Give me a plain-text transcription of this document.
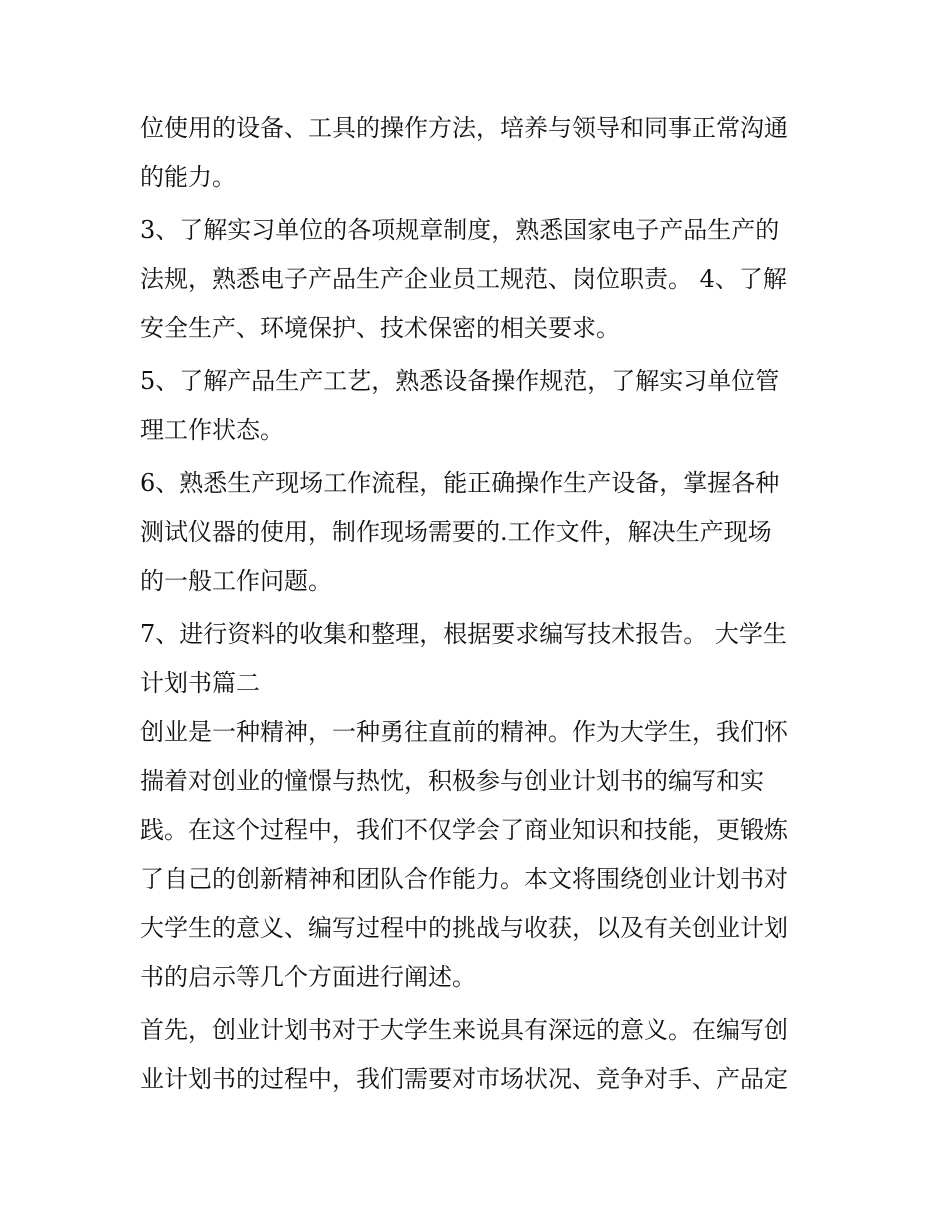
位使用的设备、工具的操作方法，培养与领导和同事正常沟通
的能力。
3、了解实习单位的各项规章制度，熟悉国家电子产品生产的
法规，熟悉电子产品生产企业员工规范、岗位职责。 4、了解
安全生产、环境保护、技术保密的相关要求。
5、了解产品生产工艺，熟悉设备操作规范，了解实习单位管
理工作状态。
6、熟悉生产现场工作流程，能正确操作生产设备，掌握各种
测试仪器的使用，制作现场需要的.工作文件，解决生产现场
的一般工作问题。
7、进行资料的收集和整理，根据要求编写技术报告。 大学生
计划书篇二
创业是一种精神，一种勇往直前的精神。作为大学生，我们怀
揣着对创业的憧憬与热忱，积极参与创业计划书的编写和实
践。在这个过程中，我们不仅学会了商业知识和技能，更锻炼
了自己的创新精神和团队合作能力。本文将围绕创业计划书对
大学生的意义、编写过程中的挑战与收获，以及有关创业计划
书的启示等几个方面进行阐述。
首先，创业计划书对于大学生来说具有深远的意义。在编写创
业计划书的过程中，我们需要对市场状况、竞争对手、产品定
